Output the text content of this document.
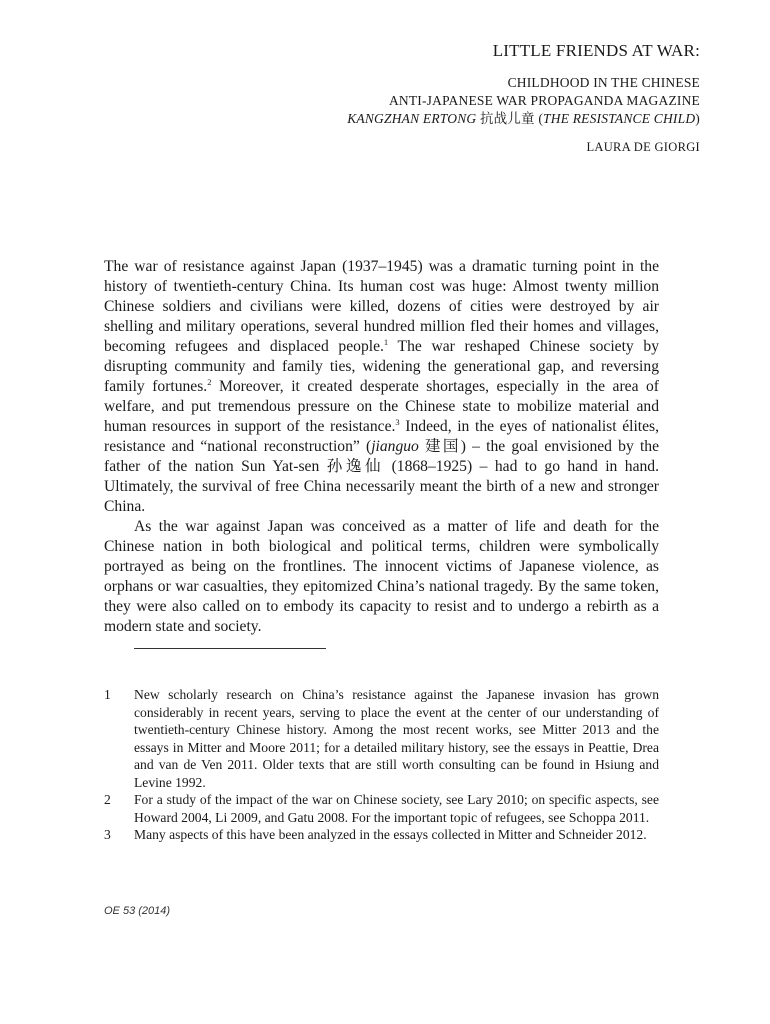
LITTLE FRIENDS AT WAR:
CHILDHOOD IN THE CHINESE
ANTI-JAPANESE WAR PROPAGANDA MAGAZINE
KANGZHAN ERTONG 抗战儿童 (THE RESISTANCE CHILD)
LAURA DE GIORGI

The war of resistance against Japan (1937–1945) was a dramatic turning point in the history of twentieth-century China. Its human cost was huge: Almost twenty million Chinese soldiers and civilians were killed, dozens of cities were destroyed by air shelling and military operations, several hundred million fled their homes and villages, becoming refugees and displaced people.$^1$ The war reshaped Chinese society by disrupting community and family ties, widening the generational gap, and reversing family fortunes.$^2$ Moreover, it created desperate shortages, especially in the area of welfare, and put tremendous pressure on the Chinese state to mobilize material and human resources in support of the resistance.$^3$ Indeed, in the eyes of nationalist élites, resistance and “national reconstruction” (jianguo 建国) – the goal envisioned by the father of the nation Sun Yat-sen 孙逸仙 (1868–1925) – had to go hand in hand. Ultimately, the survival of free China necessarily meant the birth of a new and stronger China.

As the war against Japan was conceived as a matter of life and death for the Chinese nation in both biological and political terms, children were symbolically portrayed as being on the frontlines. The innocent victims of Japanese violence, as orphans or war casualties, they epitomized China’s national tragedy. By the same token, they were also called on to embody its capacity to resist and to undergo a rebirth as a modern state and society.

1	New scholarly research on China’s resistance against the Japanese invasion has grown considerably in recent years, serving to place the event at the center of our understanding of twentieth-century Chinese history. Among the most recent works, see Mitter 2013 and the essays in Mitter and Moore 2011; for a detailed military history, see the essays in Peattie, Drea and van de Ven 2011. Older texts that are still worth consulting can be found in Hsiung and Levine 1992.
2	For a study of the impact of the war on Chinese society, see Lary 2010; on specific aspects, see Howard 2004, Li 2009, and Gatu 2008. For the important topic of refugees, see Schoppa 2011.
3	Many aspects of this have been analyzed in the essays collected in Mitter and Schneider 2012.
OE 53 (2014)
